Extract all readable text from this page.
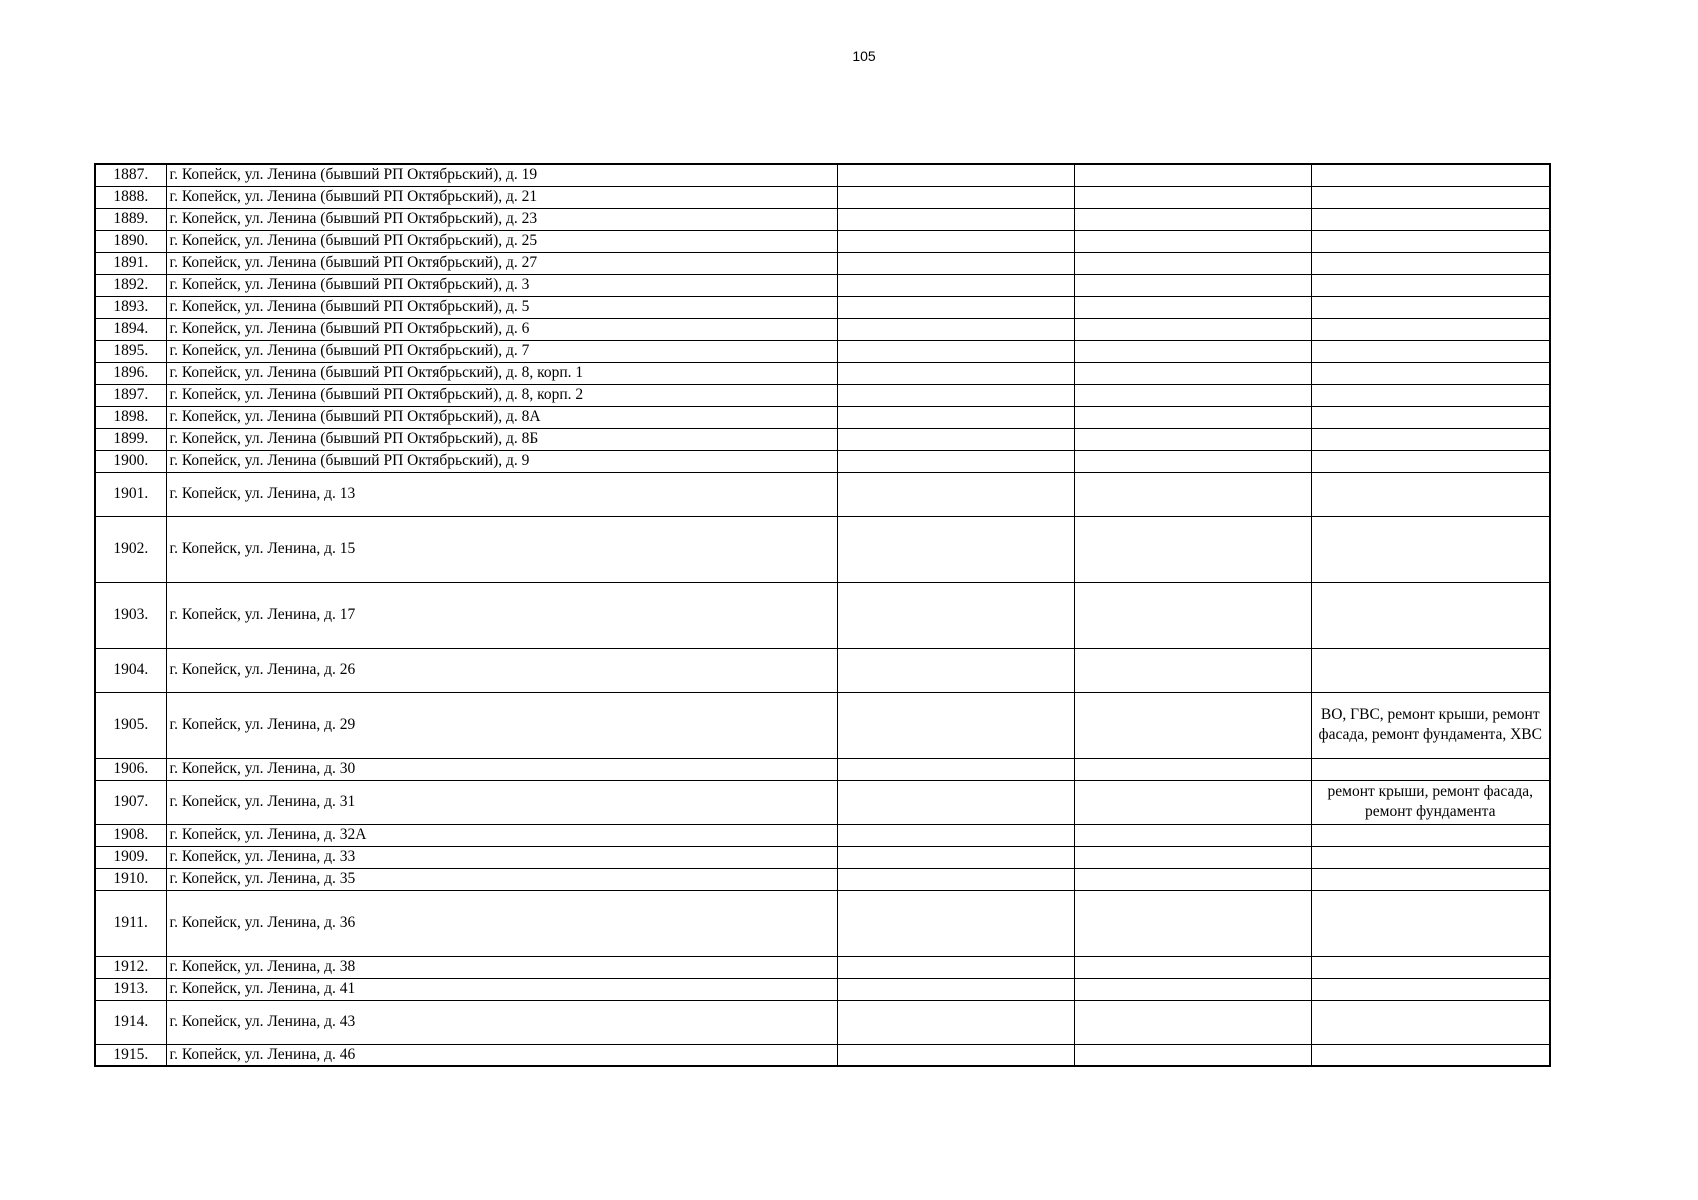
105
1887.	г. Копейск, ул. Ленина (бывший РП Октябрьский), д. 19			
1888.	г. Копейск, ул. Ленина (бывший РП Октябрьский), д. 21			
1889.	г. Копейск, ул. Ленина (бывший РП Октябрьский), д. 23			
1890.	г. Копейск, ул. Ленина (бывший РП Октябрьский), д. 25			
1891.	г. Копейск, ул. Ленина (бывший РП Октябрьский), д. 27			
1892.	г. Копейск, ул. Ленина (бывший РП Октябрьский), д. 3			
1893.	г. Копейск, ул. Ленина (бывший РП Октябрьский), д. 5			
1894.	г. Копейск, ул. Ленина (бывший РП Октябрьский), д. 6			
1895.	г. Копейск, ул. Ленина (бывший РП Октябрьский), д. 7			
1896.	г. Копейск, ул. Ленина (бывший РП Октябрьский), д. 8, корп. 1			
1897.	г. Копейск, ул. Ленина (бывший РП Октябрьский), д. 8, корп. 2			
1898.	г. Копейск, ул. Ленина (бывший РП Октябрьский), д. 8А			
1899.	г. Копейск, ул. Ленина (бывший РП Октябрьский), д. 8Б			
1900.	г. Копейск, ул. Ленина (бывший РП Октябрьский), д. 9			
1901.	г. Копейск, ул. Ленина, д. 13			
1902.	г. Копейск, ул. Ленина, д. 15			
1903.	г. Копейск, ул. Ленина, д. 17			
1904.	г. Копейск, ул. Ленина, д. 26			
1905.	г. Копейск, ул. Ленина, д. 29			ВО, ГВС, ремонт крыши, ремонт фасада, ремонт фундамента, ХВС
1906.	г. Копейск, ул. Ленина, д. 30			
1907.	г. Копейск, ул. Ленина, д. 31			ремонт крыши, ремонт фасада, ремонт фундамента
1908.	г. Копейск, ул. Ленина, д. 32А			
1909.	г. Копейск, ул. Ленина, д. 33			
1910.	г. Копейск, ул. Ленина, д. 35			
1911.	г. Копейск, ул. Ленина, д. 36			
1912.	г. Копейск, ул. Ленина, д. 38			
1913.	г. Копейск, ул. Ленина, д. 41			
1914.	г. Копейск, ул. Ленина, д. 43			
1915.	г. Копейск, ул. Ленина, д. 46			
